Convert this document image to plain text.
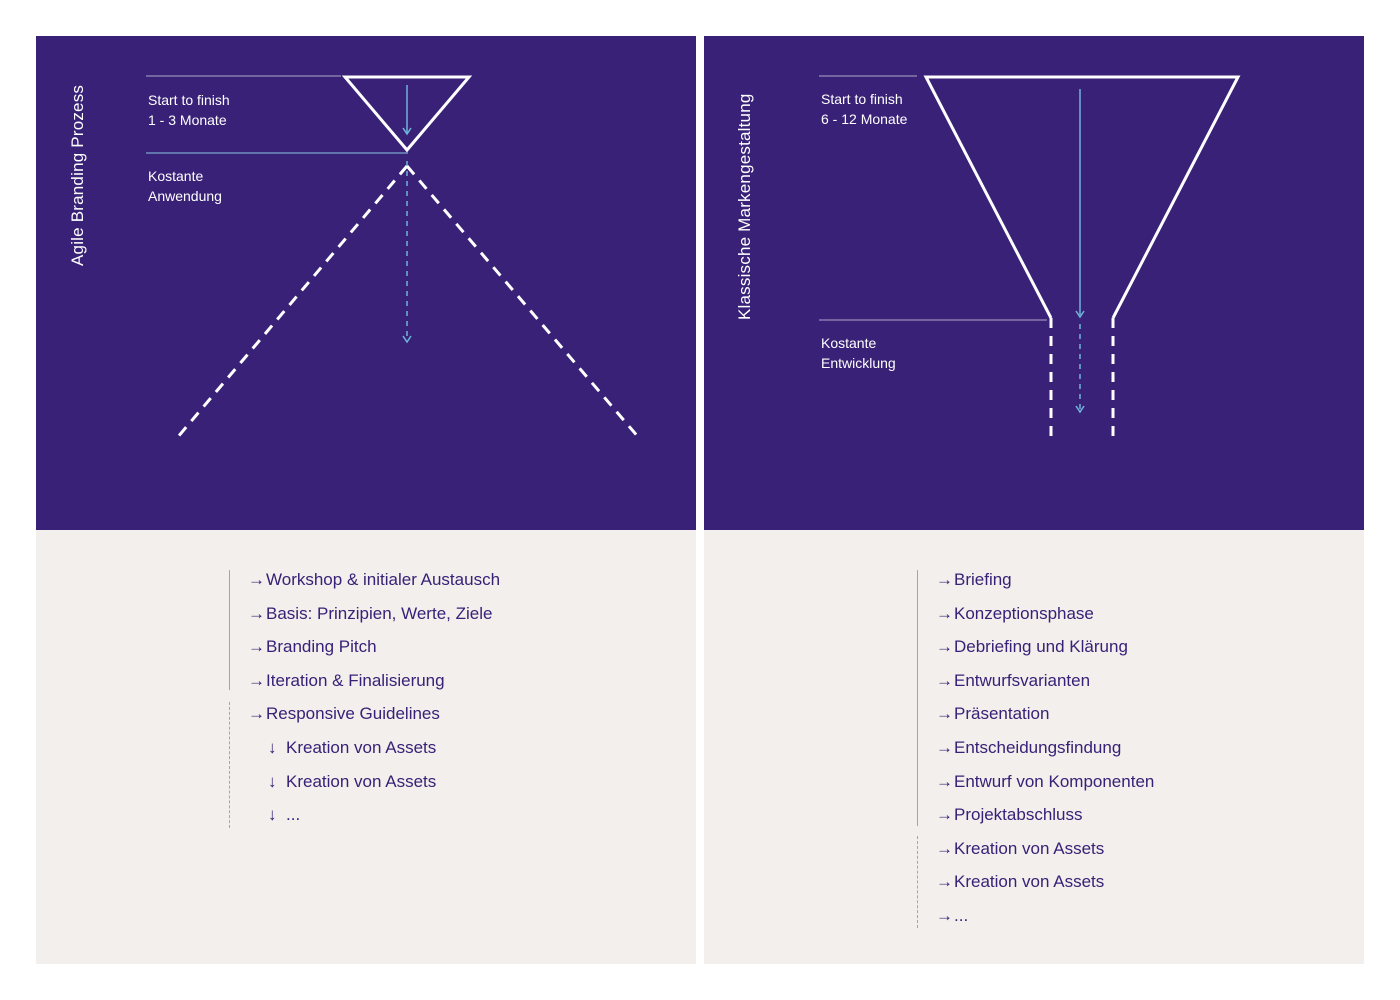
Agile Branding Prozess	Start to finish
1 - 3 Monate
Kostante
Anwendung
→Workshop & initialer Austausch
→Basis: Prinzipien, Werte, Ziele
→Branding Pitch
→Iteration & Finalisierung
→Responsive Guidelines
↓ Kreation von Assets
↓ Kreation von Assets
↓ ...
Klassische Markengestaltung	Start to finish
6 - 12 Monate
Kostante
Entwicklung
→Briefing
→Konzeptionsphase
→Debriefing und Klärung
→Entwurfsvarianten
→Präsentation
→Entscheidungsfindung
→Entwurf von Komponenten
→Projektabschluss
→Kreation von Assets
→Kreation von Assets
→...
